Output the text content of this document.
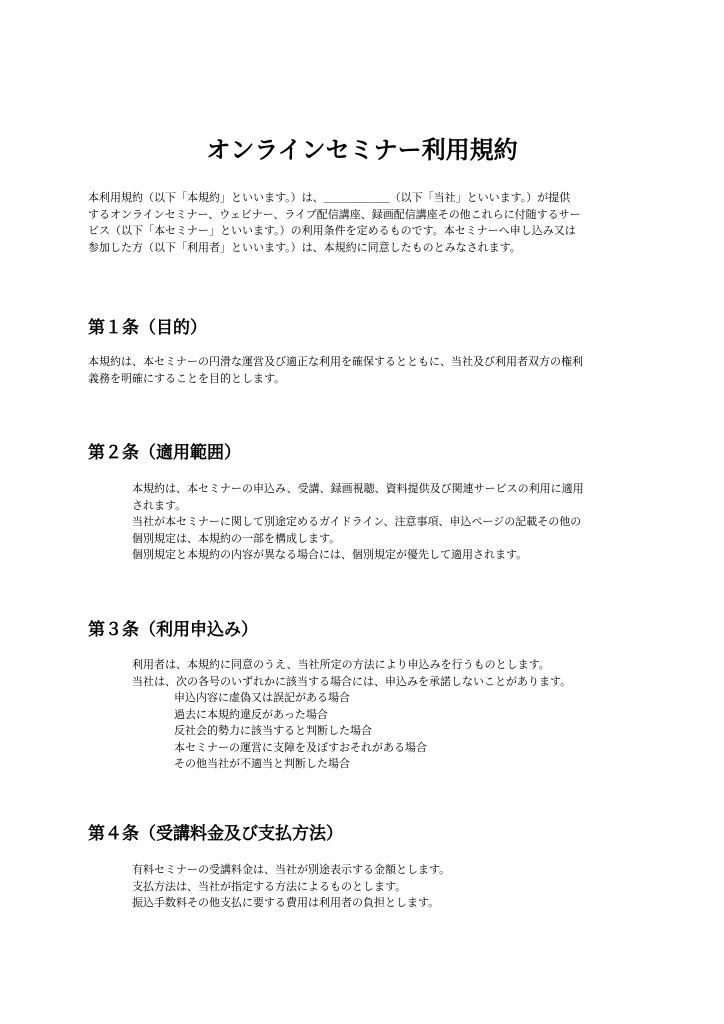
オンラインセミナー利用規約

本利用規約（以下「本規約」といいます。）は、＿＿＿＿＿＿（以下「当社」といいます。）が提供
するオンラインセミナー、ウェビナー、ライブ配信講座、録画配信講座その他これらに付随するサー
ビス（以下「本セミナー」といいます。）の利用条件を定めるものです。本セミナーへ申し込み又は
参加した方（以下「利用者」といいます。）は、本規約に同意したものとみなされます。

第１条（目的）

本規約は、本セミナーの円滑な運営及び適正な利用を確保するとともに、当社及び利用者双方の権利
義務を明確にすることを目的とします。

第２条（適用範囲）

本規約は、本セミナーの申込み、受講、録画視聴、資料提供及び関連サービスの利用に適用
されます。

当社が本セミナーに関して別途定めるガイドライン、注意事項、申込ページの記載その他の
個別規定は、本規約の一部を構成します。

個別規定と本規約の内容が異なる場合には、個別規定が優先して適用されます。

第３条（利用申込み）

利用者は、本規約に同意のうえ、当社所定の方法により申込みを行うものとします。

当社は、次の各号のいずれかに該当する場合には、申込みを承諾しないことがあります。

申込内容に虚偽又は誤記がある場合
過去に本規約違反があった場合
反社会的勢力に該当すると判断した場合
本セミナーの運営に支障を及ぼすおそれがある場合
その他当社が不適当と判断した場合

第４条（受講料金及び支払方法）

有料セミナーの受講料金は、当社が別途表示する金額とします。

支払方法は、当社が指定する方法によるものとします。

振込手数料その他支払に要する費用は利用者の負担とします。
